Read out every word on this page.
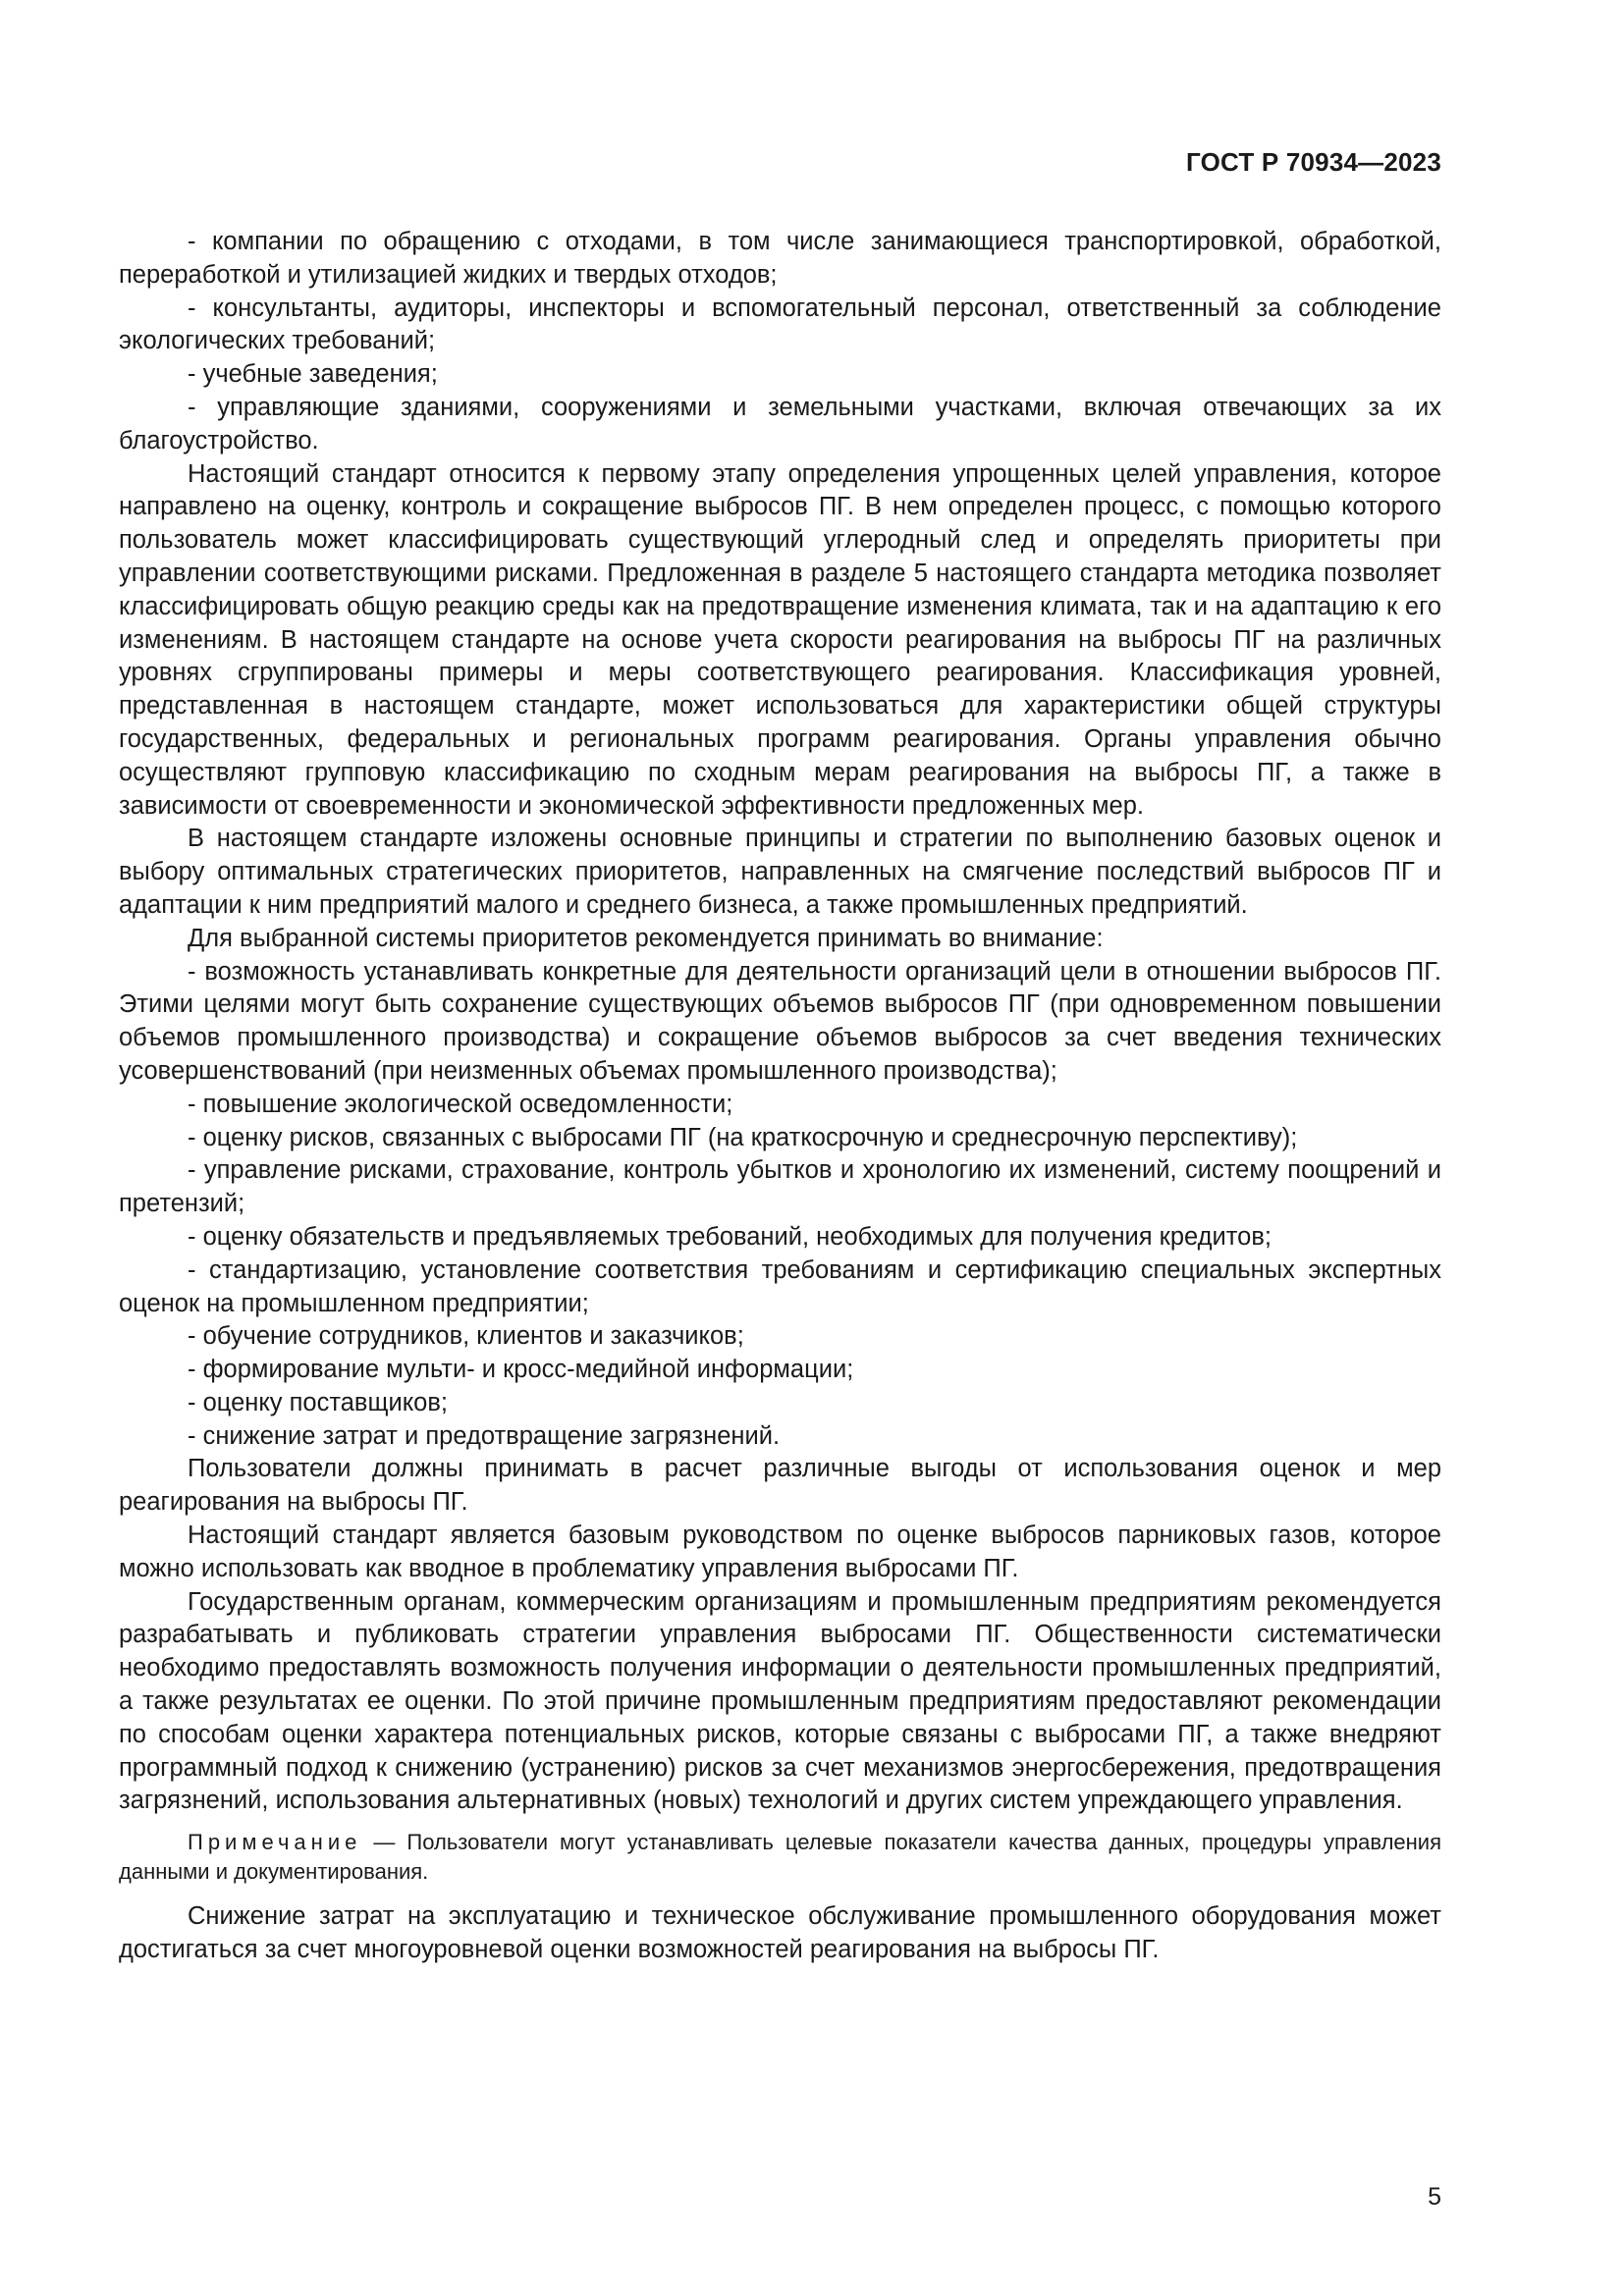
ГОСТ Р 70934—2023

- компании по обращению с отходами, в том числе занимающиеся транспортировкой, обработкой, переработкой и утилизацией жидких и твердых отходов;

- консультанты, аудиторы, инспекторы и вспомогательный персонал, ответственный за соблюдение экологических требований;

- учебные заведения;

- управляющие зданиями, сооружениями и земельными участками, включая отвечающих за их благоустройство.

Настоящий стандарт относится к первому этапу определения упрощенных целей управления, которое направлено на оценку, контроль и сокращение выбросов ПГ. В нем определен процесс, с помощью которого пользователь может классифицировать существующий углеродный след и определять приоритеты при управлении соответствующими рисками. Предложенная в разделе 5 настоящего стандарта методика позволяет классифицировать общую реакцию среды как на предотвращение изменения климата, так и на адаптацию к его изменениям. В настоящем стандарте на основе учета скорости реагирования на выбросы ПГ на различных уровнях сгруппированы примеры и меры соответствующего реагирования. Классификация уровней, представленная в настоящем стандарте, может использоваться для характеристики общей структуры государственных, федеральных и региональных программ реагирования. Органы управления обычно осуществляют групповую классификацию по сходным мерам реагирования на выбросы ПГ, а также в зависимости от своевременности и экономической эффективности предложенных мер.

В настоящем стандарте изложены основные принципы и стратегии по выполнению базовых оценок и выбору оптимальных стратегических приоритетов, направленных на смягчение последствий выбросов ПГ и адаптации к ним предприятий малого и среднего бизнеса, а также промышленных предприятий.

Для выбранной системы приоритетов рекомендуется принимать во внимание:

- возможность устанавливать конкретные для деятельности организаций цели в отношении выбросов ПГ. Этими целями могут быть сохранение существующих объемов выбросов ПГ (при одновременном повышении объемов промышленного производства) и сокращение объемов выбросов за счет введения технических усовершенствований (при неизменных объемах промышленного производства);

- повышение экологической осведомленности;

- оценку рисков, связанных с выбросами ПГ (на краткосрочную и среднесрочную перспективу);

- управление рисками, страхование, контроль убытков и хронологию их изменений, систему поощрений и претензий;

- оценку обязательств и предъявляемых требований, необходимых для получения кредитов;

- стандартизацию, установление соответствия требованиям и сертификацию специальных экспертных оценок на промышленном предприятии;

- обучение сотрудников, клиентов и заказчиков;

- формирование мульти- и кросс-медийной информации;

- оценку поставщиков;

- снижение затрат и предотвращение загрязнений.

Пользователи должны принимать в расчет различные выгоды от использования оценок и мер реагирования на выбросы ПГ.

Настоящий стандарт является базовым руководством по оценке выбросов парниковых газов, которое можно использовать как вводное в проблематику управления выбросами ПГ.

Государственным органам, коммерческим организациям и промышленным предприятиям рекомендуется разрабатывать и публиковать стратегии управления выбросами ПГ. Общественности систематически необходимо предоставлять возможность получения информации о деятельности промышленных предприятий, а также результатах ее оценки. По этой причине промышленным предприятиям предоставляют рекомендации по способам оценки характера потенциальных рисков, которые связаны с выбросами ПГ, а также внедряют программный подход к снижению (устранению) рисков за счет механизмов энергосбережения, предотвращения загрязнений, использования альтернативных (новых) технологий и других систем упреждающего управления.

Примечание — Пользователи могут устанавливать целевые показатели качества данных, процедуры управления данными и документирования.

Снижение затрат на эксплуатацию и техническое обслуживание промышленного оборудования может достигаться за счет многоуровневой оценки возможностей реагирования на выбросы ПГ.

5
